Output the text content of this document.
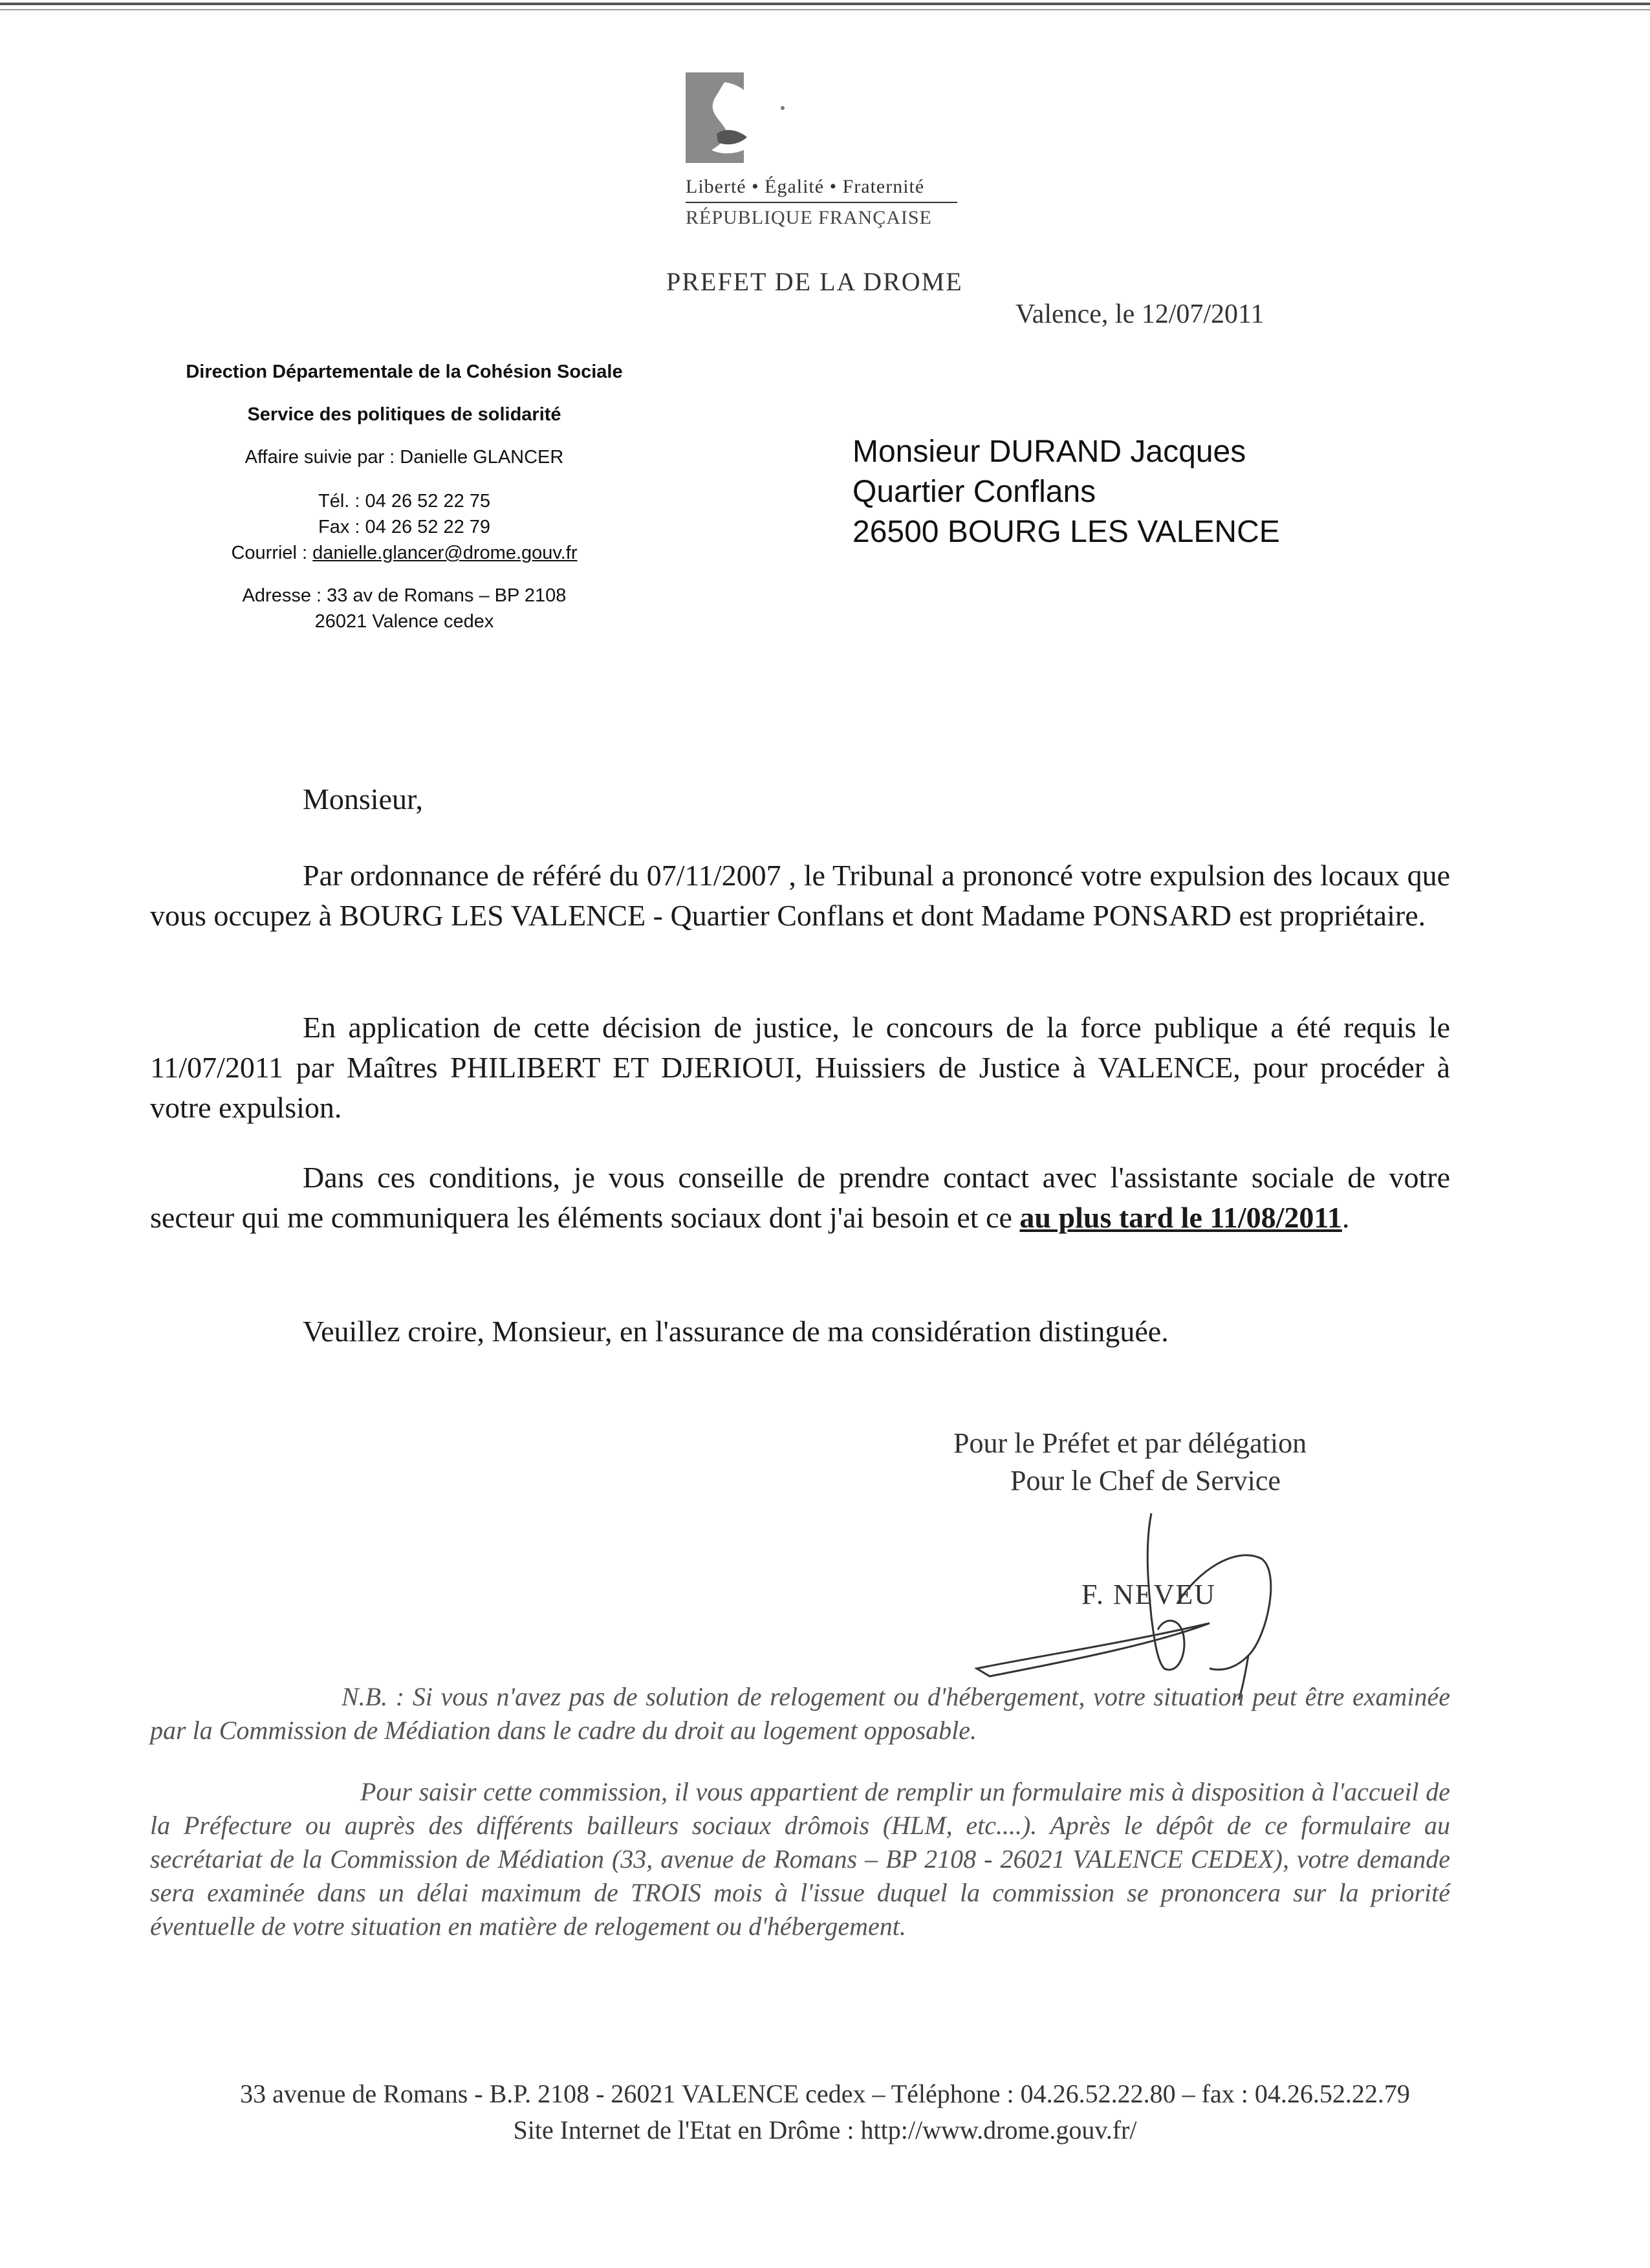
Liberté • Égalité • Fraternité
RÉPUBLIQUE FRANÇAISE
PREFET DE LA DROME
Valence, le 12/07/2011
Direction Départementale de la Cohésion Sociale
Service des politiques de solidarité
Affaire suivie par : Danielle GLANCER
Tél. : 04 26 52 22 75
Fax : 04 26 52 22 79
Courriel : danielle.glancer@drome.gouv.fr
Adresse : 33 av de Romans – BP 2108
26021 Valence cedex
Monsieur DURAND Jacques
Quartier Conflans
26500 BOURG LES VALENCE
Monsieur,
Par ordonnance de référé du 07/11/2007 , le Tribunal a prononcé votre expulsion des locaux que vous occupez à BOURG LES VALENCE - Quartier Conflans et dont Madame PONSARD est propriétaire.
En application de cette décision de justice, le concours de la force publique a été requis le 11/07/2011 par Maîtres PHILIBERT ET DJERIOUI, Huissiers de Justice à VALENCE, pour procéder à votre expulsion.
Dans ces conditions, je vous conseille de prendre contact avec l'assistante sociale de votre secteur qui me communiquera les éléments sociaux dont j'ai besoin et ce au plus tard le 11/08/2011.
Veuillez croire, Monsieur, en l'assurance de ma considération distinguée.
Pour le Préfet et par délégation
Pour le Chef de Service
F. NEVEU
N.B. : Si vous n'avez pas de solution de relogement ou d'hébergement, votre situation peut être examinée par la Commission de Médiation dans le cadre du droit au logement opposable.
Pour saisir cette commission, il vous appartient de remplir un formulaire mis à disposition à l'accueil de la Préfecture ou auprès des différents bailleurs sociaux drômois (HLM, etc....). Après le dépôt de ce formulaire au secrétariat de la Commission de Médiation (33, avenue de Romans – BP 2108 - 26021 VALENCE CEDEX), votre demande sera examinée dans un délai maximum de TROIS mois à l'issue duquel la commission se prononcera sur la priorité éventuelle de votre situation en matière de relogement ou d'hébergement.
33 avenue de Romans - B.P. 2108 - 26021 VALENCE cedex – Téléphone : 04.26.52.22.80 – fax : 04.26.52.22.79
Site Internet de l'Etat en Drôme : http://www.drome.gouv.fr/
